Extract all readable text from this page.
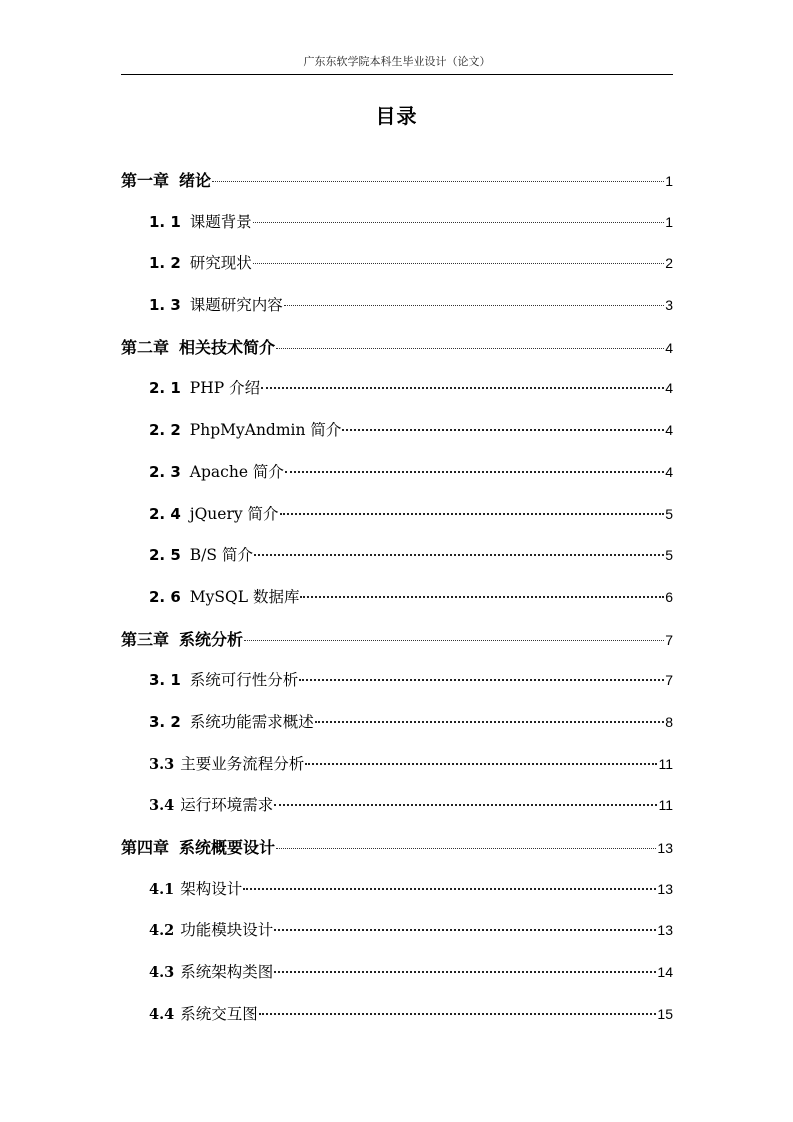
广东东软学院本科生毕业设计（论文）
目录
第一章 绪论	1
1. 1 课题背景	1
1. 2 研究现状	2
1. 3 课题研究内容	3
第二章 相关技术简介	4
2. 1 PHP 介绍	4
2. 2 PhpMyAndmin 简介	4
2. 3 Apache 简介	4
2. 4 jQuery 简介	5
2. 5 B/S 简介	5
2. 6 MySQL 数据库	6
第三章 系统分析	7
3. 1 系统可行性分析	7
3. 2 系统功能需求概述	8
3.3 主要业务流程分析	11
3.4 运行环境需求	11
第四章 系统概要设计	13
4.1 架构设计	13
4.2 功能模块设计	13
4.3 系统架构类图	14
4.4 系统交互图	15
